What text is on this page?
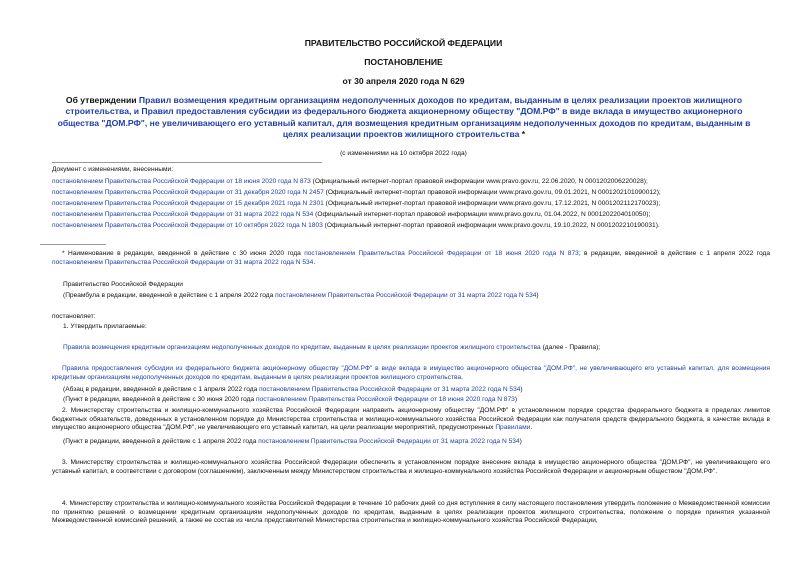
ПРАВИТЕЛЬСТВО РОССИЙСКОЙ ФЕДЕРАЦИИ
ПОСТАНОВЛЕНИЕ
от 30 апреля 2020 года N 629
Об утверждении Правил возмещения кредитным организациям недополученных доходов по кредитам, выданным в целях реализации проектов жилищного строительства, и Правил предоставления субсидии из федерального бюджета акционерному обществу "ДОМ.РФ" в виде вклада в имущество акционерного общества "ДОМ.РФ", не увеличивающего его уставный капитал, для возмещения кредитным организациям недополученных доходов по кредитам, выданным в целях реализации проектов жилищного строительства *
(с изменениями на 10 октября 2022 года)
Документ с изменениями, внесенными:
постановлением Правительства Российской Федерации от 18 июня 2020 года N 873 (Официальный интернет-портал правовой информации www.pravo.gov.ru, 22.06.2020, N 0001202006220028);
постановлением Правительства Российской Федерации от 31 декабря 2020 года N 2457 (Официальный интернет-портал правовой информации www.pravo.gov.ru, 09.01.2021, N 0001202101090012);
постановлением Правительства Российской Федерации от 15 декабря 2021 года N 2301 (Официальный интернет-портал правовой информации www.pravo.gov.ru, 17.12.2021, N 0001202112170023);
постановлением Правительства Российской Федерации от 31 марта 2022 года N 534 (Официальный интернет-портал правовой информации www.pravo.gov.ru, 01.04.2022, N 0001202204010050);
постановлением Правительства Российской Федерации от 10 октября 2022 года N 1803 (Официальный интернет-портал правовой информации www.pravo.gov.ru, 19.10.2022, N 0001202210190031).
* Наименование в редакции, введенной в действие с 30 июня 2020 года постановлением Правительства Российской Федерации от 18 июня 2020 года N 873; в редакции, введенной в действие с 1 апреля 2022 года постановлением Правительства Российской Федерации от 31 марта 2022 года N 534.
Правительство Российской Федерации
(Преамбула в редакции, введенной в действие с 1 апреля 2022 года постановлением Правительства Российской Федерации от 31 марта 2022 года N 534)
постановляет:
1. Утвердить прилагаемые:
Правила возмещения кредитным организациям недополученных доходов по кредитам, выданным в целях реализации проектов жилищного строительства (далее - Правила);
Правила предоставления субсидии из федерального бюджета акционерному обществу "ДОМ.РФ" в виде вклада в имущество акционерного общества "ДОМ.РФ", не увеличивающего его уставный капитал, для возмещения кредитным организациям недополученных доходов по кредитам, выданным в целях реализации проектов жилищного строительства.
(Абзац в редакции, введенной в действие с 1 апреля 2022 года постановлением Правительства Российской Федерации от 31 марта 2022 года N 534)
(Пункт в редакции, введенной в действие с 30 июня 2020 года постановлением Правительства Российской Федерации от 18 июня 2020 года N 873)
2. Министерству строительства и жилищно-коммунального хозяйства Российской Федерации направить акционерному обществу "ДОМ.РФ" в установленном порядке средства федерального бюджета в пределах лимитов бюджетных обязательств, доведенных в установленном порядке до Министерства строительства и жилищно-коммунального хозяйства Российской Федерации как получателя средств федерального бюджета, в качестве вклада в имущество акционерного общества "ДОМ.РФ", не увеличивающего его уставный капитал, на цели реализации мероприятий, предусмотренных Правилами.
(Пункт в редакции, введенной в действие с 1 апреля 2022 года постановлением Правительства Российской Федерации от 31 марта 2022 года N 534)
3. Министерству строительства и жилищно-коммунального хозяйства Российской Федерации обеспечить в установленном порядке внесение вклада в имущество акционерного общества "ДОМ.РФ", не увеличивающего его уставный капитал, в соответствии с договором (соглашением), заключенным между Министерством строительства и жилищно-коммунального хозяйства Российской Федерации и акционерным обществом "ДОМ.РФ".
4. Министерству строительства и жилищно-коммунального хозяйства Российской Федерации в течение 10 рабочих дней со дня вступления в силу настоящего постановления утвердить положение о Межведомственной комиссии по принятию решений о возмещении кредитным организациям недополученных доходов по кредитам, выданным в целях реализации проектов жилищного строительства, положение о порядке принятия указанной Межведомственной комиссией решений, а также ее состав из числа представителей Министерства строительства и жилищно-коммунального хозяйства Российской Федерации,
